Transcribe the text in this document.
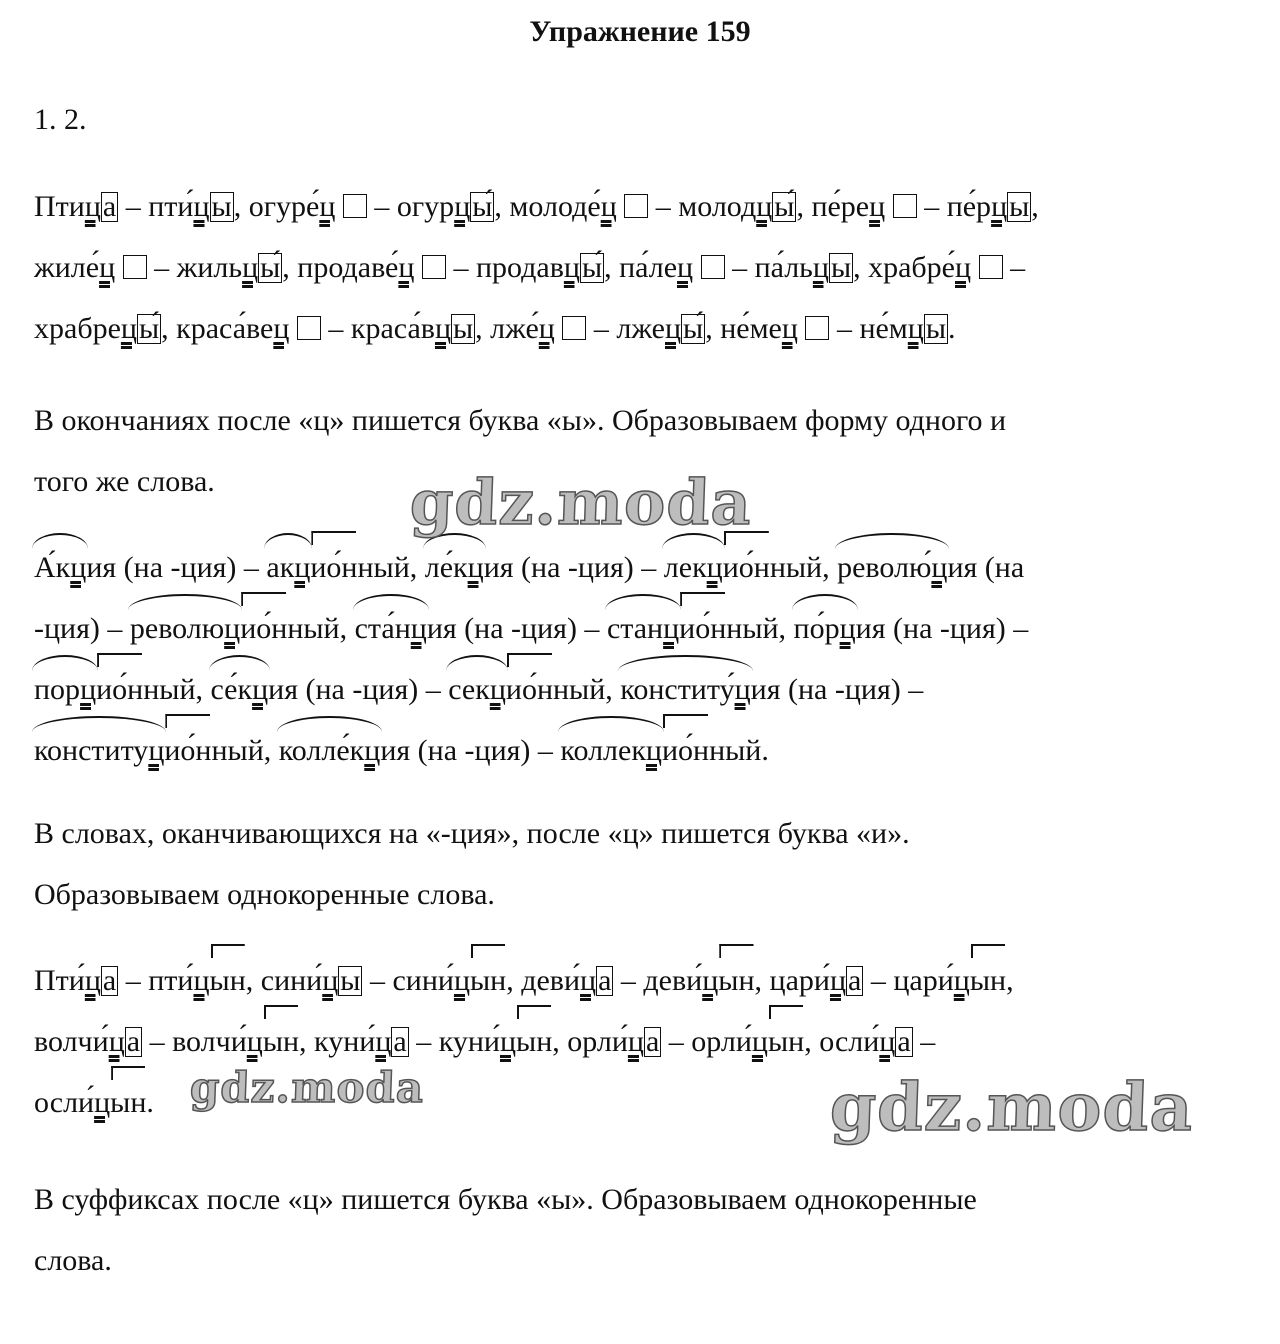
Упражнение 159
1. 2.
Птица – пти́цы, огуре́ц  – огурцы́, молоде́ц  – молодцы́, пе́рец  – пе́рцы,
жиле́ц  – жильцы́, продаве́ц  – продавцы́, па́лец  – па́льцы, храбре́ц  –
храбрецы́, краса́вец  – краса́вцы, лже́ц  – лжецы́, не́мец  – не́мцы.
В окончаниях после «ц» пишется буква «ы». Образовываем форму одного и
того же слова.
А́кция (на -ция) – акцио́нный, ле́кция (на -ция) – лекцио́нный, револю́ция (на
-ция) – революцио́нный, ста́нция (на -ция) – станцио́нный, по́рция (на -ция) –
порцио́нный, се́кция (на -ция) – секцио́нный, конститу́ция (на -ция) –
конституцио́нный, колле́кция (на -ция) – коллекцио́нный.
В словах, оканчивающихся на «-ция», после «ц» пишется буква «и».
Образовываем однокоренные слова.
Пти́ца – пти́цын, сини́цы – сини́цын, деви́ца – деви́цын, цари́ца – цари́цын,
волчи́ца – волчи́цын, куни́ца – куни́цын, орли́ца – орли́цын, осли́ца –
осли́цын.
В суффиксах после «ц» пишется буква «ы». Образовываем однокоренные
слова.
gdz.moda
gdz.moda	gdz.moda
